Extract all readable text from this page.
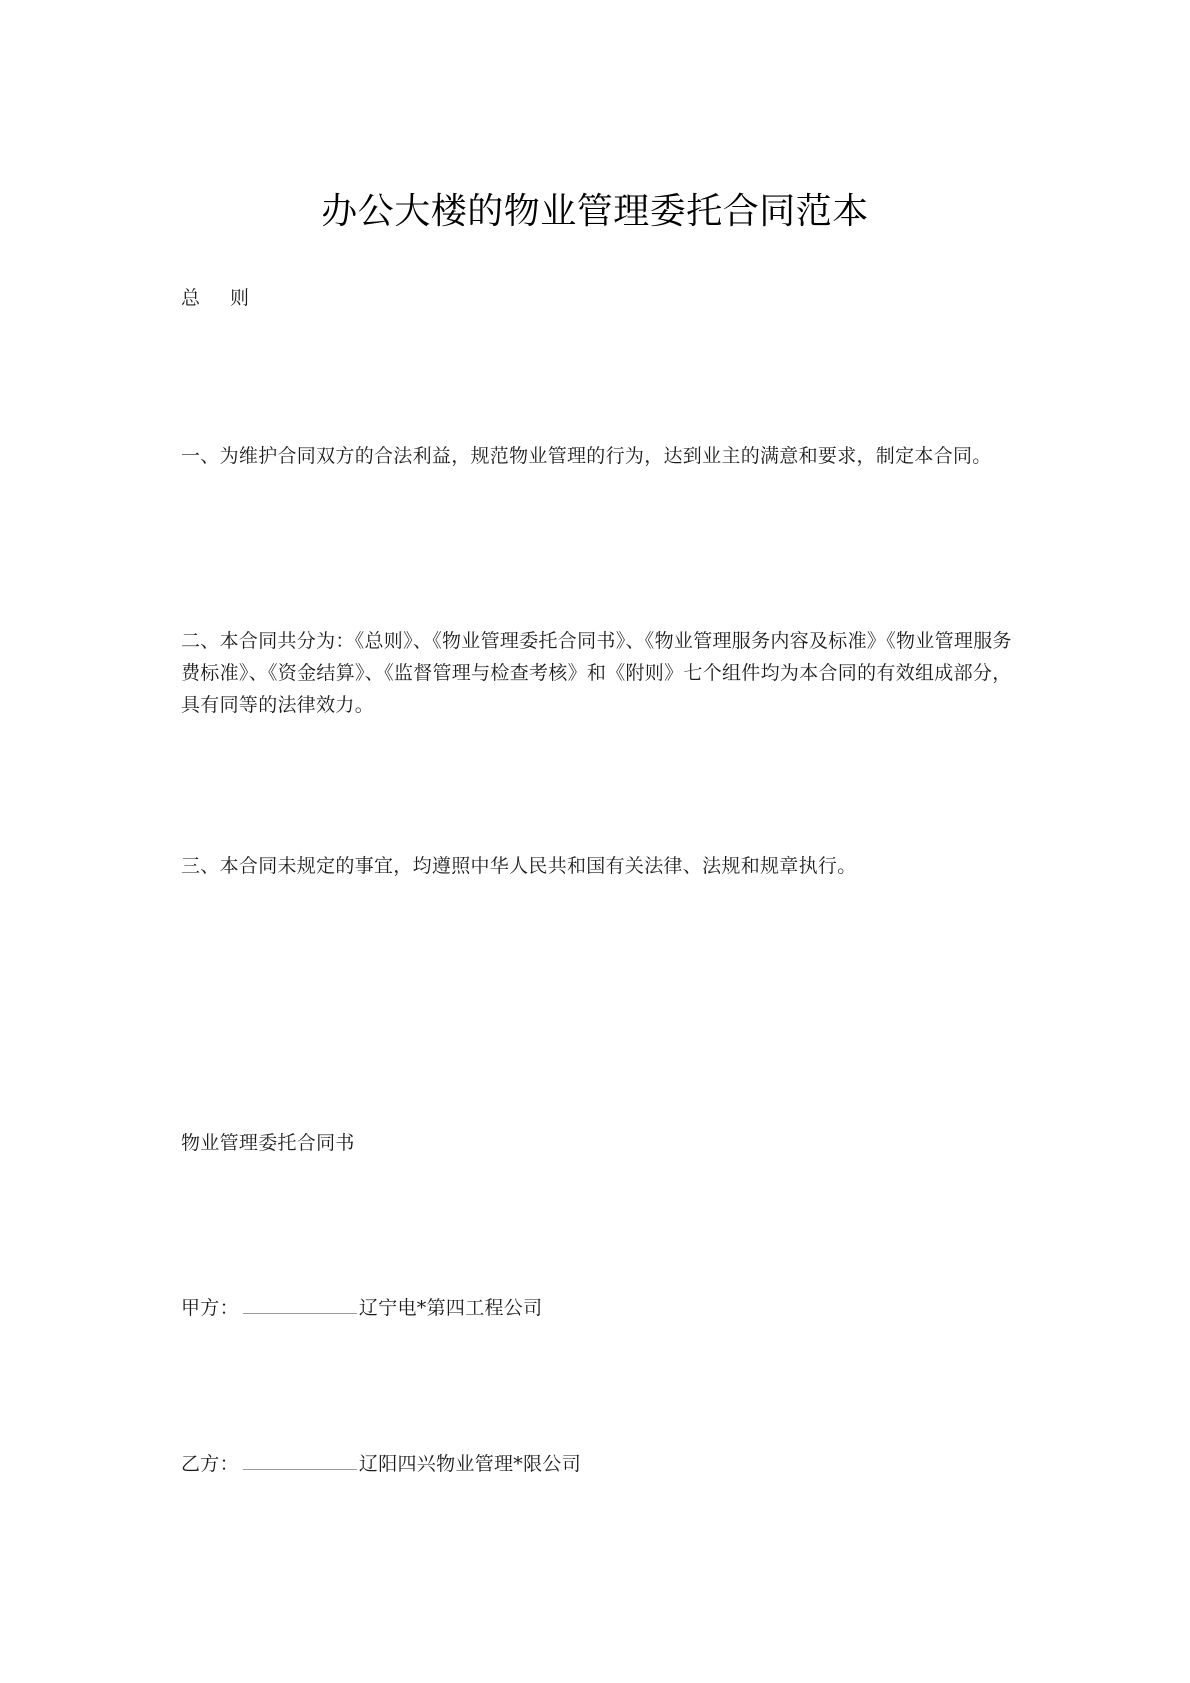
办公大楼的物业管理委托合同范本
总 则
一、为维护合同双方的合法利益，规范物业管理的行为，达到业主的满意和要求，制定本合同。
二、本合同共分为：《总则》、《物业管理委托合同书》、《物业管理服务内容及标准》《物业管理服务费标准》、《资金结算》、《监督管理与检查考核》和《附则》七个组件均为本合同的有效组成部分，具有同等的法律效力。
三、本合同未规定的事宜，均遵照中华人民共和国有关法律、法规和规章执行。
物业管理委托合同书
甲方：	辽宁电*第四工程公司
乙方：	辽阳四兴物业管理*限公司
